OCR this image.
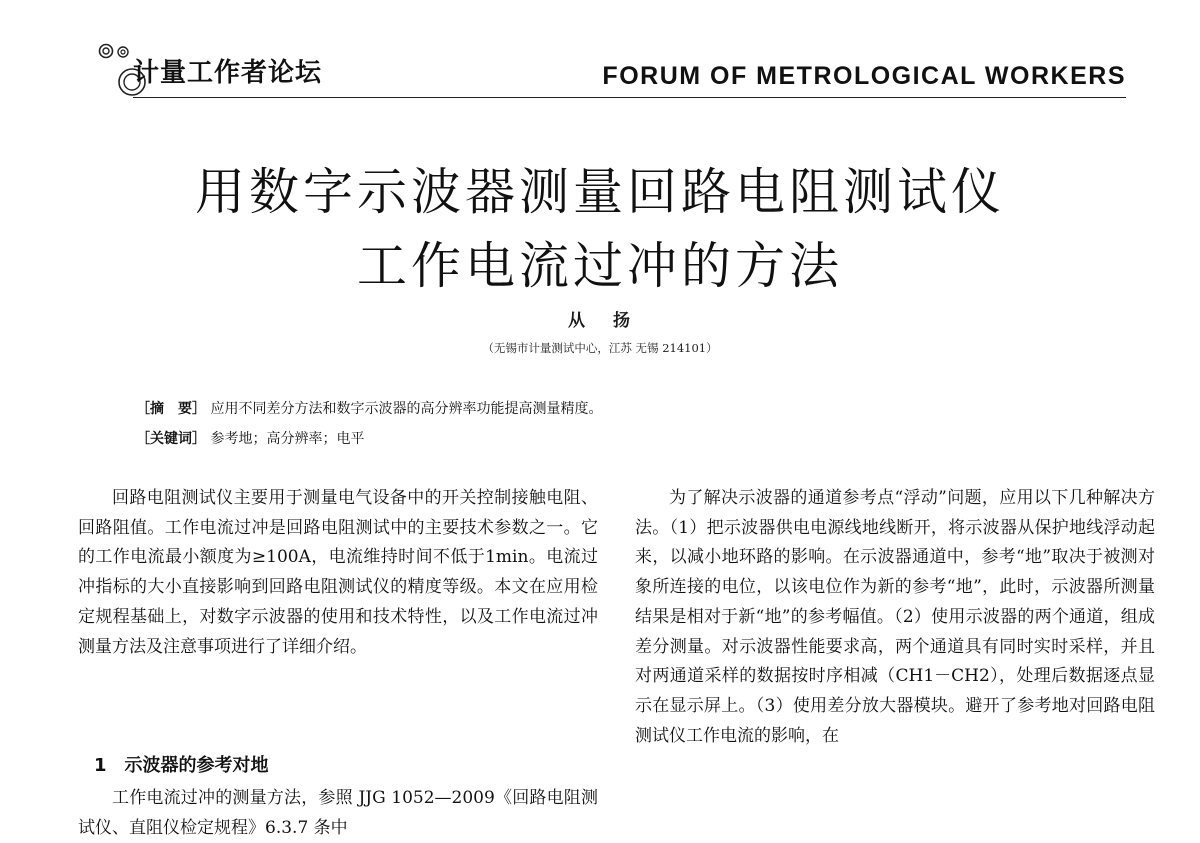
计量工作者论坛	FORUM OF METROLOGICAL WORKERS
用数字示波器测量回路电阻测试仪
工作电流过冲的方法

从 扬

（无锡市计量测试中心，江苏 无锡 214101）

［摘　要］ 应用不同差分方法和数字示波器的高分辨率功能提高测量精度。

［关键词］ 参考地；高分辨率；电平

回路电阻测试仪主要用于测量电气设备中的开关控制接触电阻、回路阻值。工作电流过冲是回路电阻测试中的主要技术参数之一。它的工作电流最小额度为≥100A，电流维持时间不低于1min。电流过冲指标的大小直接影响到回路电阻测试仪的精度等级。本文在应用检定规程基础上，对数字示波器的使用和技术特性，以及工作电流过冲测量方法及注意事项进行了详细介绍。

1 示波器的参考对地

工作电流过冲的测量方法，参照 JJG 1052—2009《回路电阻测试仪、直阻仪检定规程》6.3.7 条中

为了解决示波器的通道参考点“浮动”问题，应用以下几种解决方法。（1）把示波器供电电源线地线断开，将示波器从保护地线浮动起来，以减小地环路的影响。在示波器通道中，参考“地”取决于被测对象所连接的电位，以该电位作为新的参考“地”，此时，示波器所测量结果是相对于新“地”的参考幅值。（2）使用示波器的两个通道，组成差分测量。对示波器性能要求高，两个通道具有同时实时采样，并且对两通道采样的数据按时序相减（CH1－CH2），处理后数据逐点显示在显示屏上。（3）使用差分放大器模块。避开了参考地对回路电阻测试仪工作电流的影响，在
